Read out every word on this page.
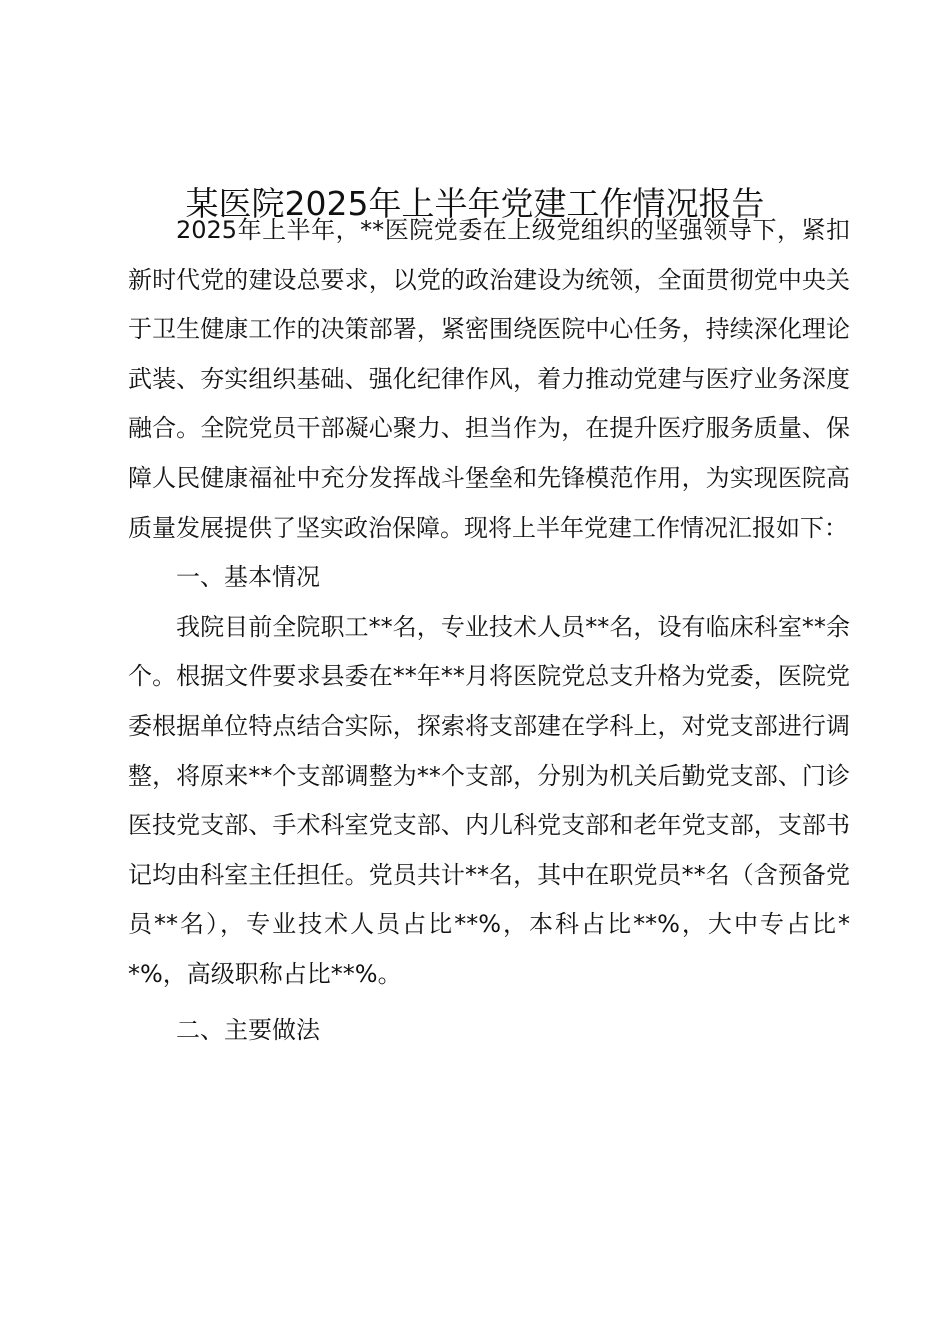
某医院2025年上半年党建工作情况报告

2025年上半年，**医院党委在上级党组织的坚强领导下，紧扣新时代党的建设总要求，以党的政治建设为统领，全面贯彻党中央关于卫生健康工作的决策部署，紧密围绕医院中心任务，持续深化理论武装、夯实组织基础、强化纪律作风，着力推动党建与医疗业务深度融合。全院党员干部凝心聚力、担当作为，在提升医疗服务质量、保障人民健康福祉中充分发挥战斗堡垒和先锋模范作用，为实现医院高质量发展提供了坚实政治保障。现将上半年党建工作情况汇报如下：

一、基本情况

我院目前全院职工**名，专业技术人员**名，设有临床科室**余个。根据文件要求县委在**年**月将医院党总支升格为党委，医院党委根据单位特点结合实际，探索将支部建在学科上，对党支部进行调整，将原来**个支部调整为**个支部，分别为机关后勤党支部、门诊医技党支部、手术科室党支部、内儿科党支部和老年党支部，支部书记均由科室主任担任。党员共计**名，其中在职党员**名（含预备党员**名），专业技术人员占比**%，本科占比**%，大中专占比**%，高级职称占比**%。

二、主要做法
